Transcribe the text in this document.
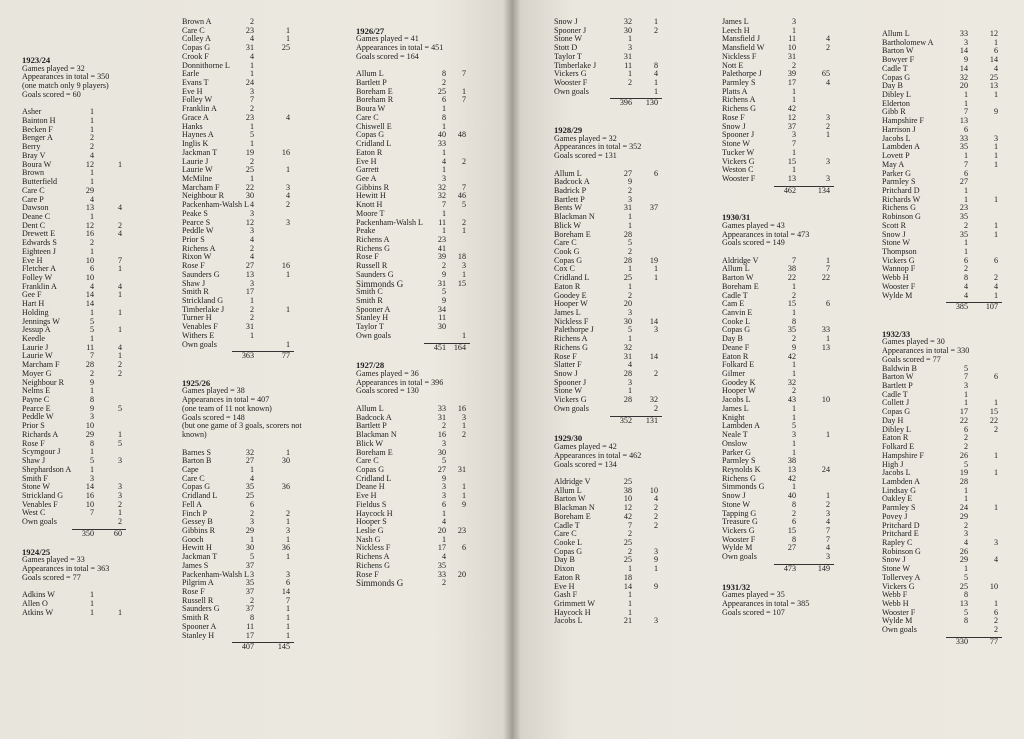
1923/24
Games played = 32
Appearances in total = 350
(one match only 9 players)
Goals scored = 60
Asher	1
Bainton H	1
Becken F	1
Benger A	2
Berry	2
Bray V	4
Boura W	12	1
Brown	1
Butterfield	1
Care C	29
Care P	4
Dawson	13	4
Deane C	1
Dent C	12	2
Drewett E	16	4
Edwards S	2
Eighteen J	1
Eve H	10	7
Fletcher A	6	1
Folley W	10
Franklin A	4	4
Gee F	14	1
Hart H	14
Holding	1	1
Jennings W	5
Jessup A	5	1
Keedle	1
Laurie J	11	4
Laurie W	7	1
Marcham F	28	2
Moyer G	2	2
Neighbour R	9
Nelms E	1
Payne C	8
Pearce E	9	5
Peddle W	3
Prior S	10
Richards A	29	1
Rose F	8	5
Scymgour J	1
Shaw J	5	3
Shephardson A	1
Smith F	3
Stone W	14	3
Strickland G	16	3
Venables F	10	2
West C	7	1
Own goals	2
350	60
1924/25
Games played = 33
Appearances in total = 363
Goals scored = 77
Adkins W	1
Allen O	1
Atkins W	1	1
Brown A	2
Care C	23	1
Colley A	4	1
Copas G	31	25
Crook F	4
Donnithorne L	1
Earle	1
Evans T	24
Eve H	3
Folley W	7
Franklin A	2
Grace A	23	4
Hanks	1
Haynes A	5
Inglis K	1
Jackman T	19	16
Laurie J	2
Laurie W	25	1
McMilne	1
Marcham F	22	3
Neighbour R	30	4
Packenham-Walsh L 4	2
Peake S	3
Pearce S	12	3
Peddle W	3
Prior S	4
Richens A	2
Rixon W	4
Rose F	27	16
Saunders G	13	1
Shaw J	3
Smith R	17
Strickland G	1
Timberlake J	2	1
Turner H	2
Venables F	31
Withers E	1
Own goals	1
363	77
1925/26
Games played = 38
Appearances in total = 407
(one team of 11 not known)
Goals scored = 148
(but one game of 3 goals, scorers not
known)
Barnes S	32	1
Barton B	27	30
Cape	1
Care C	4
Copas G	35	36
Cridland L	25
Fell A	6
Finch P	2	2
Gessey B	3	1
Gibbins R	29	3
Gooch	1	1
Hewitt H	30	36
Jackman T	5	1
James S	37
Packenham-Walsh L 3	3
Pilgrim A	35	6
Rose F	37	14
Russell R	2	7
Saunders G	37	1
Smith R	8	1
Spooner A	11	1
Stanley H	17	1
407	145
1926/27
Games played = 41
Appearances in total = 451
Goals scored = 164
Allum L	8	7
Bartlett P	2
Boreham E	25	1
Boreham R	6	7
Boura W	1
Care C	8
Chiswell E	1
Copas G	40	48
Cridland L	33
Eaton R	1
Eve H	4	2
Garrett	1
Gee A	3
Gibbins R	32	7
Hewitt H	32	46
Knott H	7	5
Moore T	1
Packenham-Walsh L	11	2
Peake	1	1
Richens A	23
Richens G	41
Rose F	39	18
Russell R	2	3
Saunders G	9	1
Simmonds G	31	15
Smith C	5
Smith R	9
Spooner A	34
Stanley H	11
Taylor T	30
Own goals	1
451 164
1927/28
Games played = 36
Appearances in total = 396
Goals scored = 130
Allum L	33	16
Badcock A	31	3
Bartlett P	2	1
Blackman N	16	2
Blick W	3
Boreham E	30
Care C	5
Copas G	27	31
Cridland L	9
Deane H	3	1
Eve H	3	1
Fieldus S	6	9
Haycock H	1
Hooper S	4
Leslie G	20	23
Nash G	1
Nickless F	17	6
Richens A	4
Richens G	35
Rose F	33	20
Simmonds G	2
Snow J	32	1
Spooner J	30	2
Stone W	1
Stott D	3
Taylor T	31
Timberlake J	11	8
Vickers G	1	4
Wooster F	2	1
Own goals	1
396	130
1928/29
Games played = 32
Appearances in total = 352
Goals scored = 131
Allum L	27	6
Badcock A	9
Badrick P	2
Bartlett P	3
Bents W	31	37
Blackman N	1
Blick W	1
Boreham E	28
Care C	5
Cook G	2
Copas G	28	19
Cox C	1	1
Cridland L	25	1
Eaton R	1
Goodey E	2
Hooper W	20
James L	3
Nickless F	30	14
Palethorpe J	5	3
Richens A	1
Richens G	32
Rose F	31	14
Slatter F	4
Snow J	28	2
Spooner J	3
Stone W	1
Vickers G	28	32
Own goals	2
352	131
1929/30
Games played = 42
Appearances in total = 462
Goals scored = 134
Aldridge V	25
Allum L	38	10
Barton W	10	4
Blackman N	12	2
Boreham E	42	2
Cadle T	7	2
Care C	2
Cooke L	25
Copas G	2	3
Day B	25	9
Dixon	1	1
Eaton R	18
Eve H	14	9
Gash F	1
Grimmett W	1
Haycock H	1
Jacobs L	21	3
James L	3
Leech H	1
Mansfield J	11	4
Mansfield W	10	2
Nickless F	31
Nott E	2
Palethorpe J	39	65
Parmley S	17	4
Platts A	1
Richens A	1
Richens G	42
Rose F	12	3
Snow J	37	2
Spooner J	3	1
Stone W	7
Tucker W	1
Vickers G	15	3
Weston C	1
Wooster F	13	3
462	134
1930/31
Games played = 43
Appearances in total = 473
Goals scored = 149
Aldridge V	7	1
Allum L	38	7
Barton W	22	22
Boreham E	1
Cadle T	2
Cam E	15	6
Canvin E	1
Cooke L	8
Copas G	35	33
Day B	2	1
Deane F	9	13
Eaton R	42
Folkard E	1
Gilmer	1
Goodey K	32
Hooper W	2
Jacobs L	43	10
James L	1
Knight	1
Lambden A	5
Neale T	3	1
Onslow	1
Parker G	1
Parmley S	38
Reynolds K	13	24
Richens G	42
Simmonds G	1
Snow J	40	1
Stone W	8	2
Tapping G	2	3
Treasure G	6	4
Vickers G	15	7
Wooster F	8	7
Wylde M	27	4
Own goals	3
473	149
1931/32
Games played = 35
Appearances in total = 385
Goals scored = 107
Allum L	33	12
Bartholomew A	3	1
Barton W	14	6
Bowyer F	9	14
Cadle T	14	4
Copas G	32	25
Day B	20	13
Dibley L	1	1
Elderton	1
Gibb R	7	9
Hampshire F	13
Harrison J	6
Jacobs L	33	3
Lambden A	35	1
Lovett P	1	1
May A	7	1
Parker G	6
Parmley S	27
Pritchard D	1
Richards W	1	1
Richens G	23
Robinson G	35
Scott R	2	1
Snow J	35	1
Stone W	1
Thompson	1
Vickers G	6	6
Wannop F	2
Webb H	8	2
Wooster F	4	4
Wylde M	4	1
385	107
1932/33
Games played = 30
Appearances in total = 330
Goals scored = 77
Baldwin B	5
Barton W	7	6
Bartlett P	3
Cadle T	1
Collett J	1	1
Copas G	17	15
Day H	22	22
Dibley L	6	2
Eaton R	2
Folkard E	2
Hampshire F	26	1
High J	5
Jacobs L	19	1
Lambden A	28
Lindsay G	1
Oakley E	1
Parmley S	24	1
Povey J	29
Pritchard D	2
Pritchard E	3
Rapley C	4	3
Robinson G	26
Snow J	29	4
Stone W	1
Tollervey A	5
Vickers G	25	10
Webb F	8
Webb H	13	1
Wooster F	5	6
Wylde M	8	2
Own goals	2
330	77
